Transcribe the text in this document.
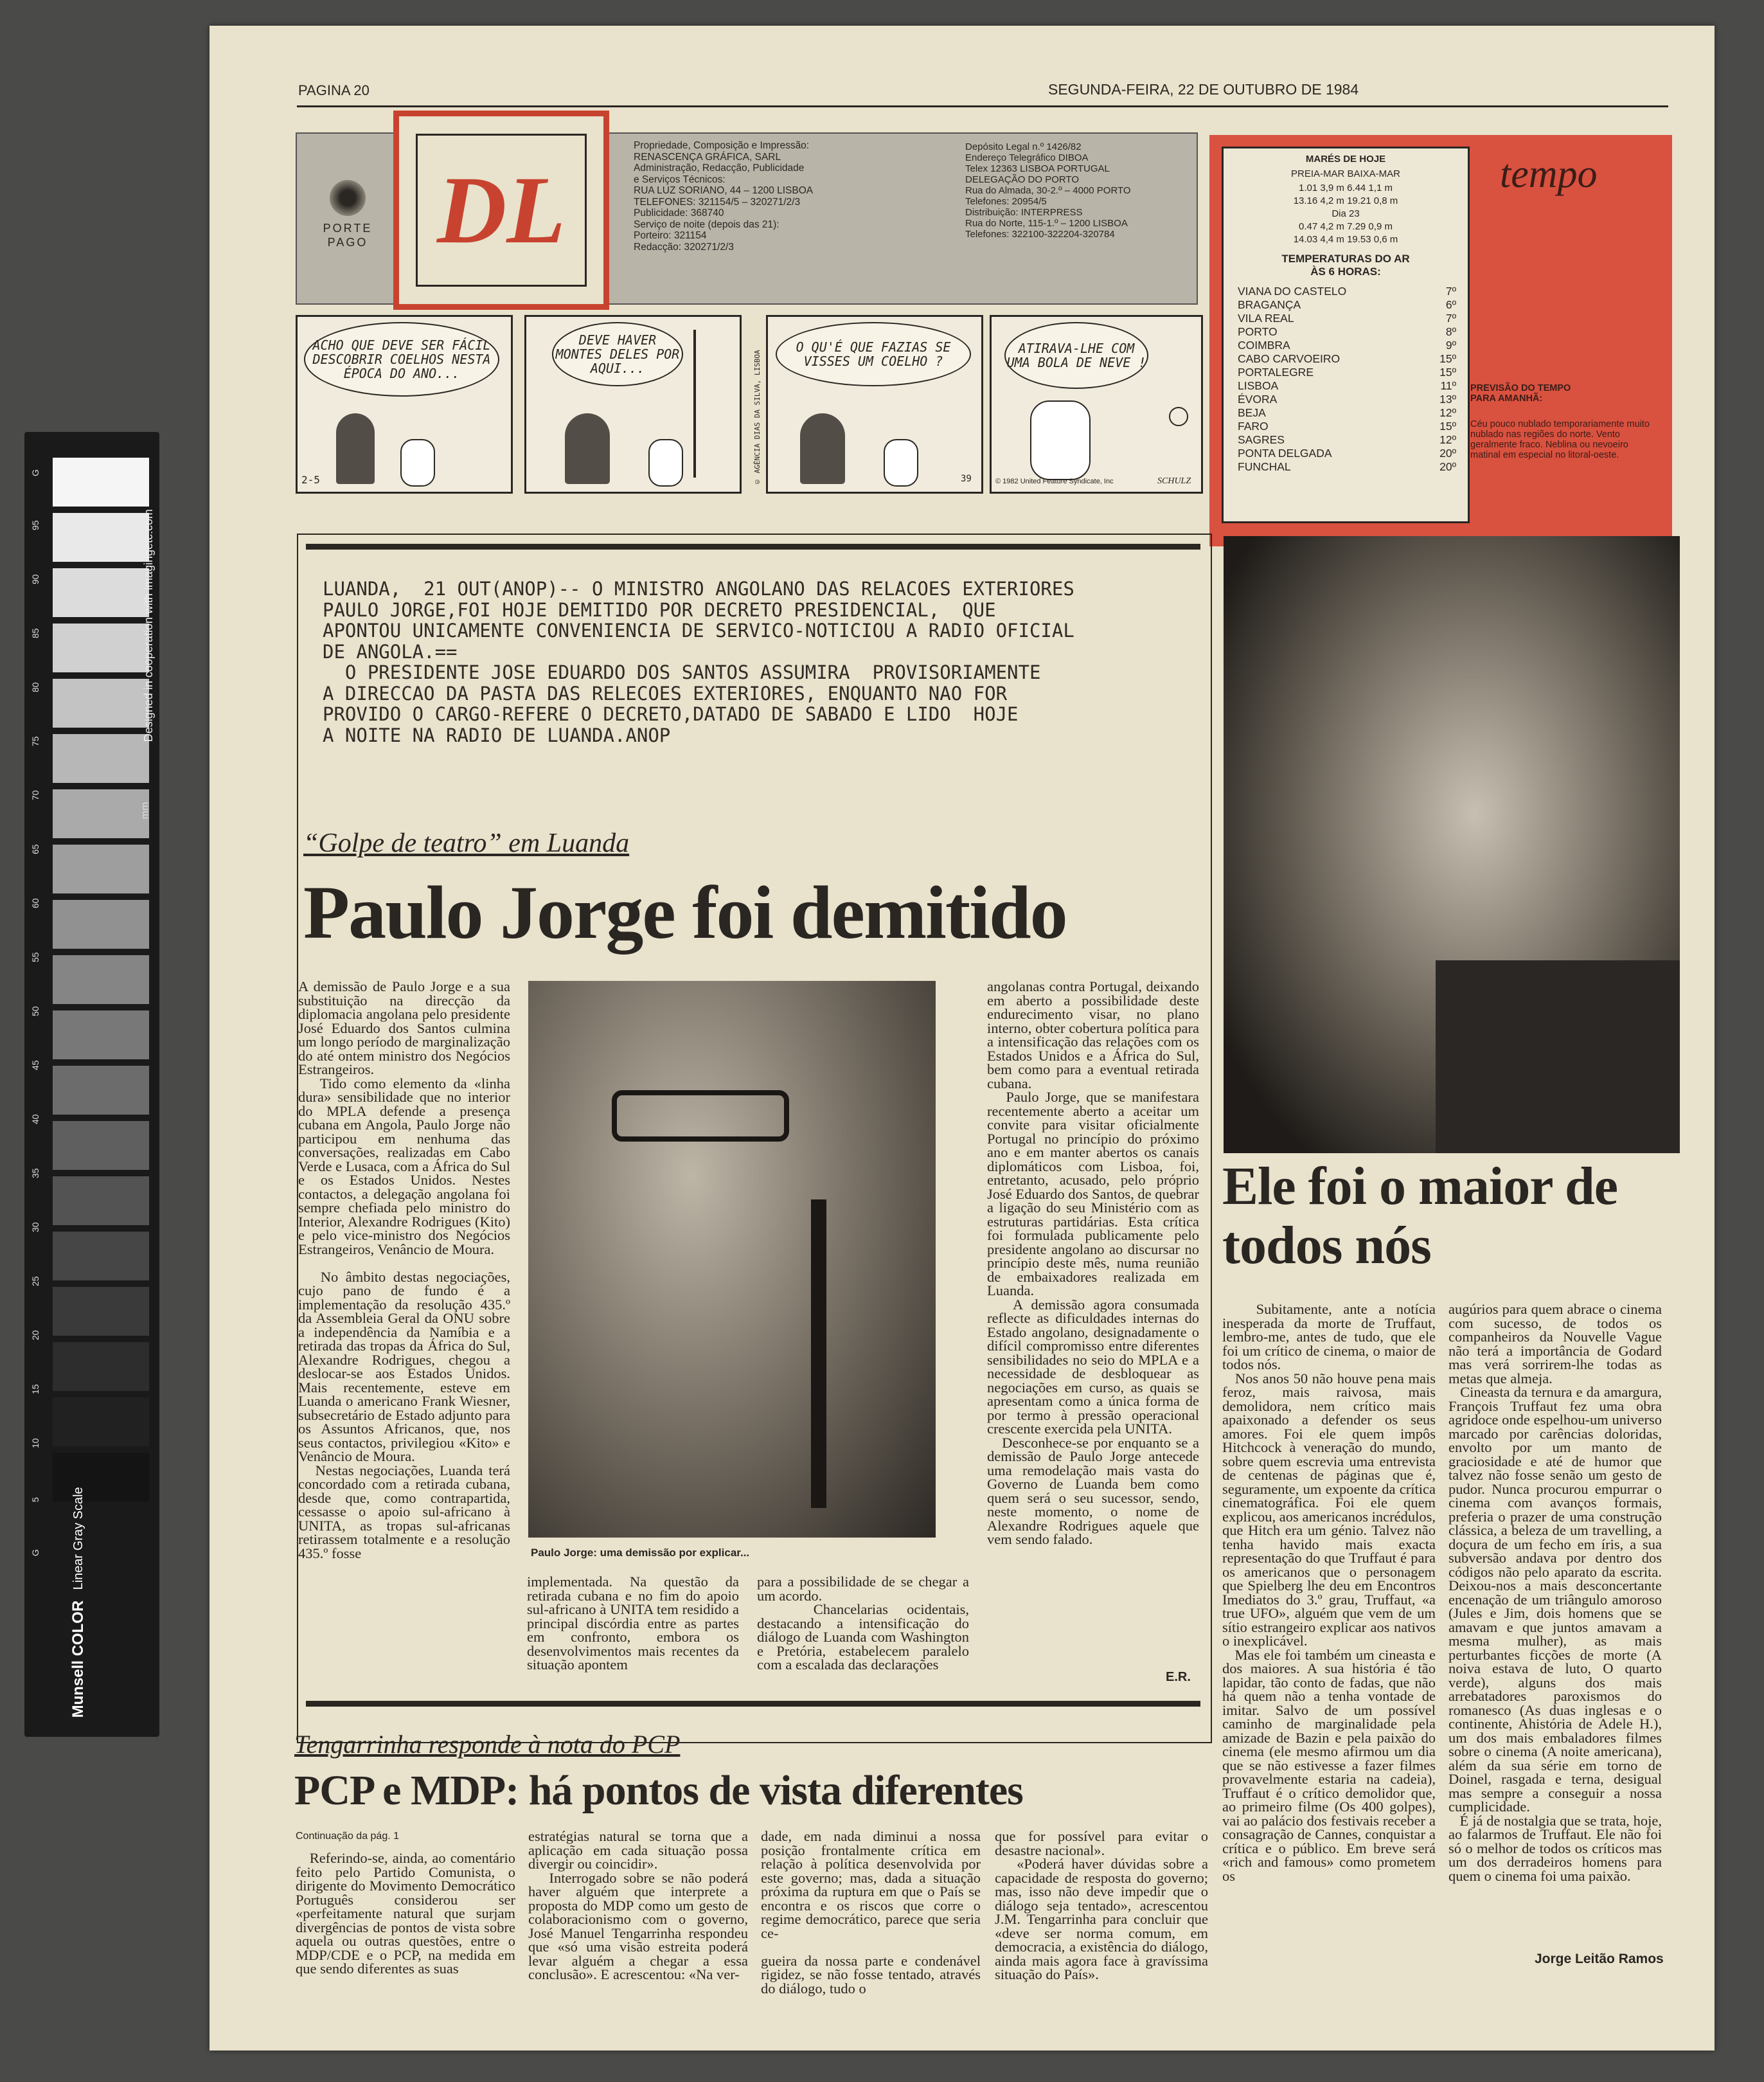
G
95
90
85
80
75
70
65
60
55
50
45
40
35
30
25
20
15
10
5
G
Designed in cooperation with imagingetc.com
Munsell COLOR Linear Gray Scale
mm
PAGINA 20	SEGUNDA-FEIRA, 22 DE OUTUBRO DE 1984
DL
PORTE
PAGO
Propriedade, Composição e Impressão:
RENASCENÇA GRÁFICA, SARL
Administração, Redacção, Publicidade
e Serviços Técnicos:
RUA LUZ SORIANO, 44 – 1200 LISBOA
TELEFONES: 321154/5 – 320271/2/3
Publicidade: 368740
Serviço de noite (depois das 21):
Porteiro: 321154
Redacção: 320271/2/3
Depósito Legal n.º 1426/82
Endereço Telegráfico DIBOA
Telex 12363 LISBOA PORTUGAL
DELEGAÇÃO DO PORTO
Rua do Almada, 30-2.º – 4000 PORTO
Telefones: 20954/5
Distribuição: INTERPRESS
Rua do Norte, 115-1.º – 1200 LISBOA
Telefones: 322100-322204-320784
MARÉS DE HOJE
PREIA-MAR BAIXA-MAR
1.01 3,9 m 6.44 1,1 m
13.16 4,2 m 19.21 0,8 m
Dia 23
0.47 4,2 m 7.29 0,9 m
14.03 4,4 m 19.53 0,6 m
TEMPERATURAS DO AR
ÀS 6 HORAS:
VIANA DO CASTELO	7º
BRAGANÇA	6º
VILA REAL	7º
PORTO	8º
COIMBRA	9º
CABO CARVOEIRO	15º
PORTALEGRE	15º
LISBOA	11º
ÉVORA	13º
BEJA	12º
FARO	15º
SAGRES	12º
PONTA DELGADA	20º
FUNCHAL	20º
tempo
PREVISÃO DO TEMPO
PARA AMANHÃ:
Céu pouco nublado temporariamente muito nublado nas regiões do norte. Vento geralmente fraco. Neblina ou nevoeiro matinal em especial no litoral-oeste.
ACHO QUE DEVE SER FÁCIL DESCOBRIR COELHOS NESTA ÉPOCA DO ANO...
2-5
DEVE HAVER MONTES DELES POR AQUI...	© AGÊNCIA DIAS DA SILVA, LISBOA
O QU'É QUE FAZIAS SE VISSES UM COELHO ?
39
ATIRAVA-LHE COM UMA BOLA DE NEVE !
© 1982 United Feature Syndicate, Inc	SCHULZ
LUANDA,  21 OUT(ANOP)-- O MINISTRO ANGOLANO DAS RELACOES EXTERIORES
PAULO JORGE,FOI HOJE DEMITIDO POR DECRETO PRESIDENCIAL,  QUE
APONTOU UNICAMENTE CONVENIENCIA DE SERVICO-NOTICIOU A RADIO OFICIAL
DE ANGOLA.==
O PRESIDENTE JOSE EDUARDO DOS SANTOS ASSUMIRA  PROVISORIAMENTE
A DIRECCAO DA PASTA DAS RELECOES EXTERIORES, ENQUANTO NAO FOR
PROVIDO O CARGO-REFERE O DECRETO,DATADO DE SABADO E LIDO  HOJE
A NOITE NA RADIO DE LUANDA.ANOP
“Golpe de teatro” em Luanda
Paulo Jorge foi demitido
A demissão de Paulo Jorge e a sua substituição na direcção da diplomacia angolana pelo presidente José Eduardo dos Santos culmina um longo período de marginalização do até ontem ministro dos Negócios Estrangeiros.
Tido como elemento da «linha dura» sensibilidade que no interior do MPLA defende a presença cubana em Angola, Paulo Jorge não participou em nenhuma das conversações, realizadas em Cabo Verde e Lusaca, com a África do Sul e os Estados Unidos. Nestes contactos, a delegação angolana foi sempre chefiada pelo ministro do Interior, Alexandre Rodrigues (Kito) e pelo vice-ministro dos Negócios Estrangeiros, Venâncio de Moura.

No âmbito destas negociações, cujo pano de fundo é a implementação da resolução 435.º da Assembleia Geral da ONU sobre a independência da Namíbia e a retirada das tropas da África do Sul, Alexandre Rodrigues, chegou a deslocar-se aos Estados Unidos. Mais recentemente, esteve em Luanda o americano Frank Wiesner, subsecretário de Estado adjunto para os Assuntos Africanos, que, nos seus contactos, privilegiou «Kito» e Venâncio de Moura.
Nestas negociações, Luanda terá concordado com a retirada cubana, desde que, como contrapartida, cessasse o apoio sul-africano à UNITA, as tropas sul-africanas retirassem totalmente e a resolução 435.º fosse	Paulo Jorge: uma demissão por explicar...
implementada. Na questão da retirada cubana e no fim do apoio sul-africano à UNITA tem residido a principal discórdia entre as partes em confronto, embora os desenvolvimentos mais recentes da situação apontem
para a possibilidade de se chegar a um acordo.
Chancelarias ocidentais, destacando a intensificação do diálogo de Luanda com Washington e Pretória, estabelecem paralelo com a escalada das declarações
angolanas contra Portugal, deixando em aberto a possibilidade deste endurecimento visar, no plano interno, obter cobertura política para a intensificação das relações com os Estados Unidos e a África do Sul, bem como para a eventual retirada cubana.
Paulo Jorge, que se manifestara recentemente aberto a aceitar um convite para visitar oficialmente Portugal no princípio do próximo ano e em manter abertos os canais diplomáticos com Lisboa, foi, entretanto, acusado, pelo próprio José Eduardo dos Santos, de quebrar a ligação do seu Ministério com as estruturas partidárias. Esta crítica foi formulada publicamente pelo presidente angolano ao discursar no princípio deste mês, numa reunião de embaixadores realizada em Luanda.
A demissão agora consumada reflecte as dificuldades internas do Estado angolano, designadamente o difícil compromisso entre diferentes sensibilidades no seio do MPLA e a necessidade de desbloquear as negociações em curso, as quais se apresentam como a única forma de por termo à pressão operacional crescente exercida pela UNITA.
Desconhece-se por enquanto se a demissão de Paulo Jorge antecede uma remodelação mais vasta do Governo de Luanda bem como quem será o seu sucessor, sendo, neste momento, o nome de Alexandre Rodrigues aquele que vem sendo falado.
E.R.
Ele foi o maior de todos nós
Subitamente, ante a notícia inesperada da morte de Truffaut, lembro-me, antes de tudo, que ele foi um crítico de cinema, o maior de todos nós.
Nos anos 50 não houve pena mais feroz, mais raivosa, mais demolidora, nem crítico mais apaixonado a defender os seus amores. Foi ele quem impôs Hitchcock à veneração do mundo, sobre quem escrevia uma entrevista de centenas de páginas que é, seguramente, um expoente da crítica cinematográfica. Foi ele quem explicou, aos americanos incrédulos, que Hitch era um génio. Talvez não tenha havido mais exacta representação do que Truffaut é para os americanos que o personagem que Spielberg lhe deu em Encontros Imediatos do 3.º grau, Truffaut, «a true UFO», alguém que vem de um sítio estrangeiro explicar aos nativos o inexplicável.
Mas ele foi também um cineasta e dos maiores. A sua história é tão lapidar, tão conto de fadas, que não há quem não a tenha vontade de imitar. Salvo de um possível caminho de marginalidade pela amizade de Bazin e pela paixão do cinema (ele mesmo afirmou um dia que se não estivesse a fazer filmes provavelmente estaria na cadeia), Truffaut é o crítico demolidor que, ao primeiro filme (Os 400 golpes), vai ao palácio dos festivais receber a consagração de Cannes, conquistar a crítica e o público. Em breve será «rich and famous» como prometem os
augúrios para quem abrace o cinema com sucesso, de todos os companheiros da Nouvelle Vague não terá a importância de Godard mas verá sorrirem-lhe todas as metas que almeja.
Cineasta da ternura e da amargura, François Truffaut fez uma obra agridoce onde espelhou-um universo marcado por carências doloridas, envolto por um manto de graciosidade e até de humor que talvez não fosse senão um gesto de pudor. Nunca procurou empurrar o cinema com avanços formais, preferia o prazer de uma construção clássica, a beleza de um travelling, a doçura de um fecho em íris, a sua subversão andava por dentro dos códigos não pelo aparato da escrita. Deixou-nos a mais desconcertante encenação de um triângulo amoroso (Jules e Jim, dois homens que se amavam e que juntos amavam a mesma mulher), as mais perturbantes ficções de morte (A noiva estava de luto, O quarto verde), alguns dos mais arrebatadores paroxismos do romanesco (As duas inglesas e o continente, Ahistória de Adele H.), um dos mais embaladores filmes sobre o cinema (A noite americana), além da sua série em torno de Doinel, rasgada e terna, desigual mas sempre a conseguir a nossa cumplicidade.
É já de nostalgia que se trata, hoje, ao falarmos de Truffaut. Ele não foi só o melhor de todos os críticos mas um dos derradeiros homens para quem o cinema foi uma paixão.
Jorge Leitão Ramos
Tengarrinha responde à nota do PCP
PCP e MDP: há pontos de vista diferentes
Continuação da pág. 1
Referindo-se, ainda, ao comentário feito pelo Partido Comunista, o dirigente do Movimento Democrático Português considerou ser «perfeitamente natural que surjam divergências de pontos de vista sobre aquela ou outras questões, entre o MDP/CDE e o PCP, na medida em que sendo diferentes as suas
estratégias natural se torna que a aplicação em cada situação possa divergir ou coincidir».
Interrogado sobre se não poderá haver alguém que interprete a proposta do MDP como um gesto de colaboracionismo com o governo, José Manuel Tengarrinha respondeu que «só uma visão estreita poderá levar alguém a chegar a essa conclusão». E acrescentou: «Na ver-
dade, em nada diminui a nossa posição frontalmente crítica em relação à política desenvolvida por este governo; mas, dada a situação próxima da ruptura em que o País se encontra e os riscos que corre o regime democrático, parece que seria ce-

gueira da nossa parte e condenável rigidez, se não fosse tentado, através do diálogo, tudo o
que for possível para evitar o desastre nacional».
«Poderá haver dúvidas sobre a capacidade de resposta do governo; mas, isso não deve impedir que o diálogo seja tentado», acrescentou J.M. Tengarrinha para concluir que «deve ser norma comum, em democracia, a existência do diálogo, ainda mais agora face à gravíssima situação do País».
